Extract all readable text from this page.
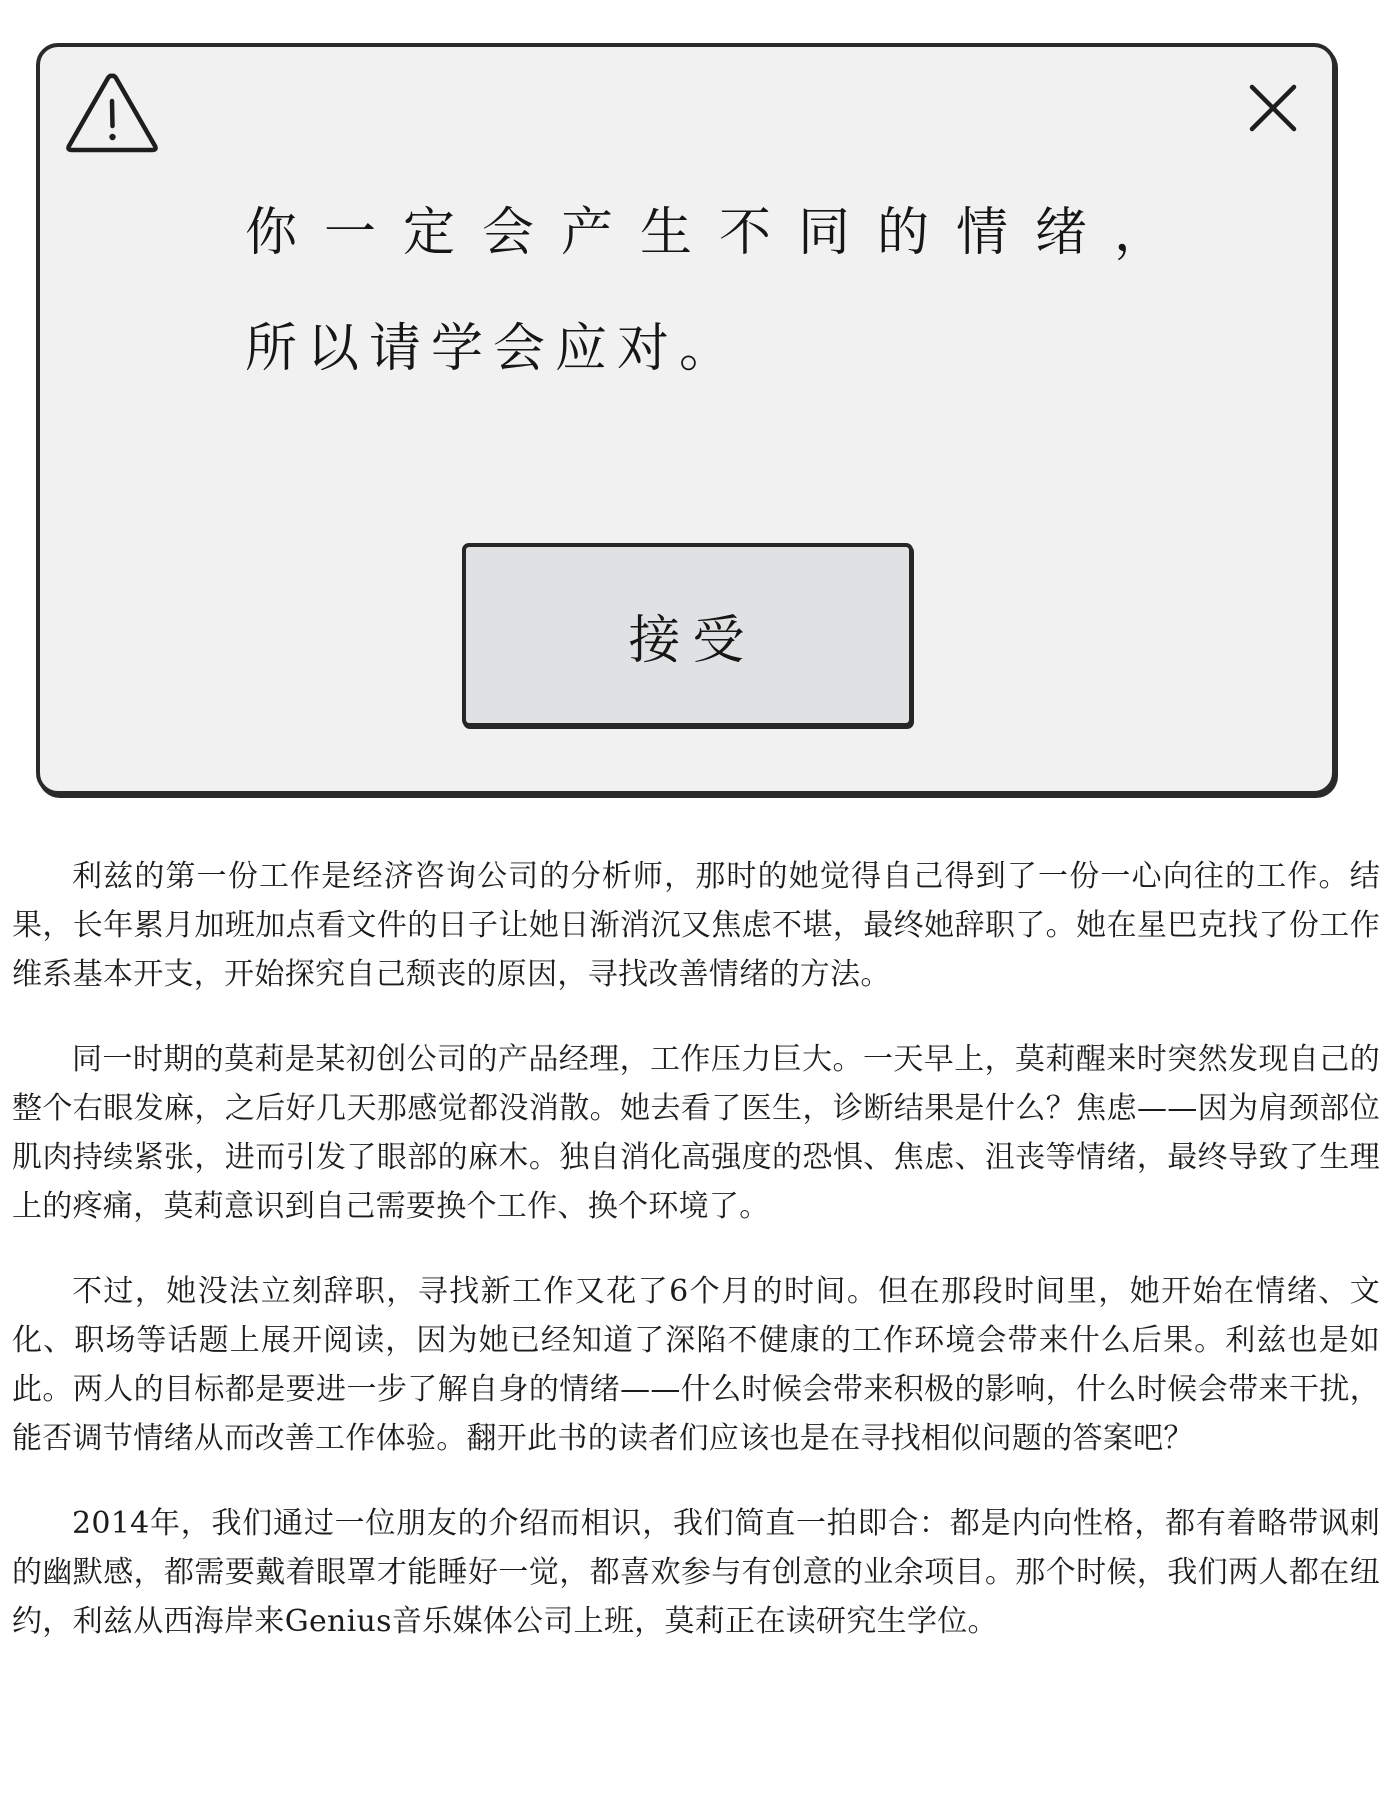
你一定会产生不同的情绪，
所以请学会应对。

接受

利兹的第一份工作是经济咨询公司的分析师，那时的她觉得自己得到了一份一心向往的工作。结果，长年累月加班加点看文件的日子让她日渐消沉又焦虑不堪，最终她辞职了。她在星巴克找了份工作维系基本开支，开始探究自己颓丧的原因，寻找改善情绪的方法。

同一时期的莫莉是某初创公司的产品经理，工作压力巨大。一天早上，莫莉醒来时突然发现自己的整个右眼发麻，之后好几天那感觉都没消散。她去看了医生，诊断结果是什么？焦虑——因为肩颈部位肌肉持续紧张，进而引发了眼部的麻木。独自消化高强度的恐惧、焦虑、沮丧等情绪，最终导致了生理上的疼痛，莫莉意识到自己需要换个工作、换个环境了。

不过，她没法立刻辞职，寻找新工作又花了6个月的时间。但在那段时间里，她开始在情绪、文化、职场等话题上展开阅读，因为她已经知道了深陷不健康的工作环境会带来什么后果。利兹也是如此。两人的目标都是要进一步了解自身的情绪——什么时候会带来积极的影响，什么时候会带来干扰，能否调节情绪从而改善工作体验。翻开此书的读者们应该也是在寻找相似问题的答案吧？

2014年，我们通过一位朋友的介绍而相识，我们简直一拍即合：都是内向性格，都有着略带讽刺的幽默感，都需要戴着眼罩才能睡好一觉，都喜欢参与有创意的业余项目。那个时候，我们两人都在纽约，利兹从西海岸来Genius音乐媒体公司上班，莫莉正在读研究生学位。
